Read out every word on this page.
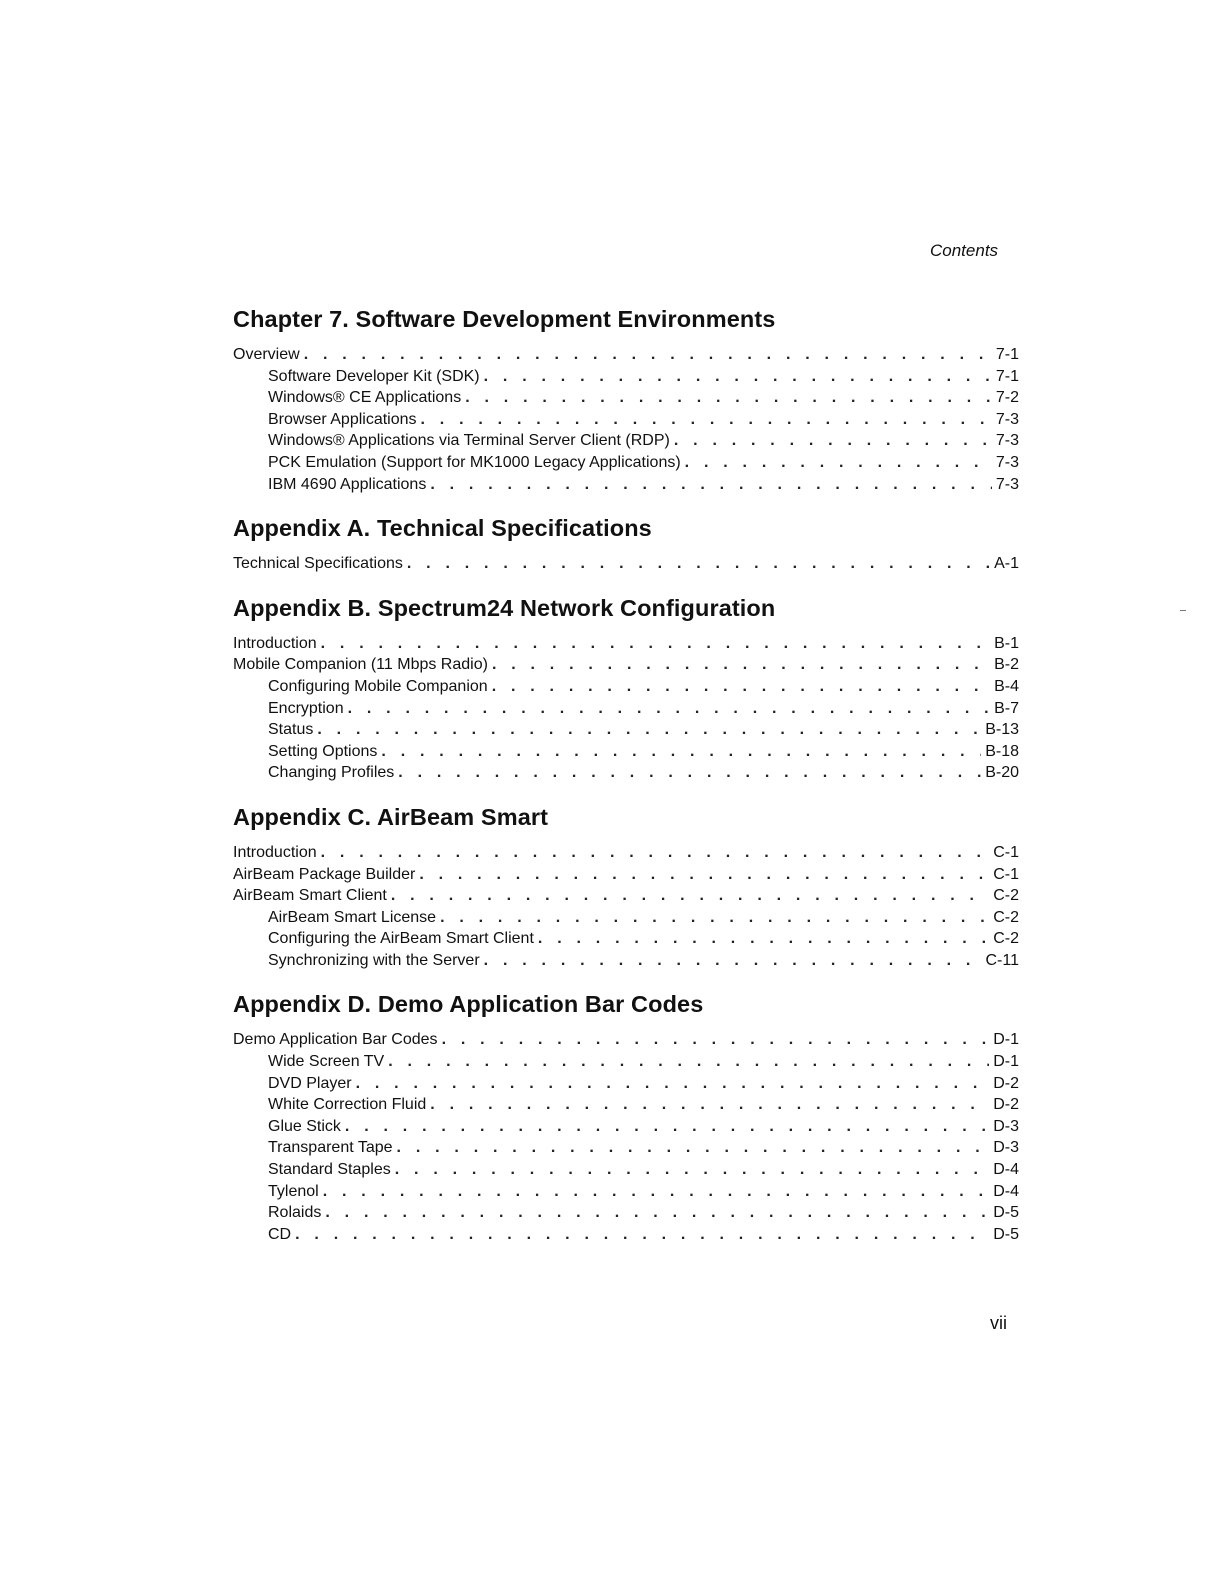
Contents
Chapter 7. Software Development Environments
Overview . . .	7-1
Software Developer Kit (SDK) . . .	7-1
Windows® CE Applications . . .	7-2
Browser Applications . . .	7-3
Windows® Applications via Terminal Server Client (RDP) . . .	7-3
PCK Emulation (Support for MK1000 Legacy Applications) . . .	7-3
IBM 4690 Applications . . .	7-3
Appendix A. Technical Specifications
Technical Specifications . . .	A-1
Appendix B. Spectrum24 Network Configuration
Introduction . . .	B-1
Mobile Companion (11 Mbps Radio) . . .	B-2
Configuring Mobile Companion . . .	B-4
Encryption . . .	B-7
Status . . .	B-13
Setting Options . . .	B-18
Changing Profiles . . .	B-20
Appendix C. AirBeam Smart
Introduction . . .	C-1
AirBeam Package Builder . . .	C-1
AirBeam Smart Client . . .	C-2
AirBeam Smart License . . .	C-2
Configuring the AirBeam Smart Client . . .	C-2
Synchronizing with the Server . . .	C-11
Appendix D. Demo Application Bar Codes
Demo Application Bar Codes . . .	D-1
Wide Screen TV . . .	D-1
DVD Player . . .	D-2
White Correction Fluid . . .	D-2
Glue Stick . . .	D-3
Transparent Tape . . .	D-3
Standard Staples . . .	D-4
Tylenol . . .	D-4
Rolaids . . .	D-5
CD . . .	D-5
vii
